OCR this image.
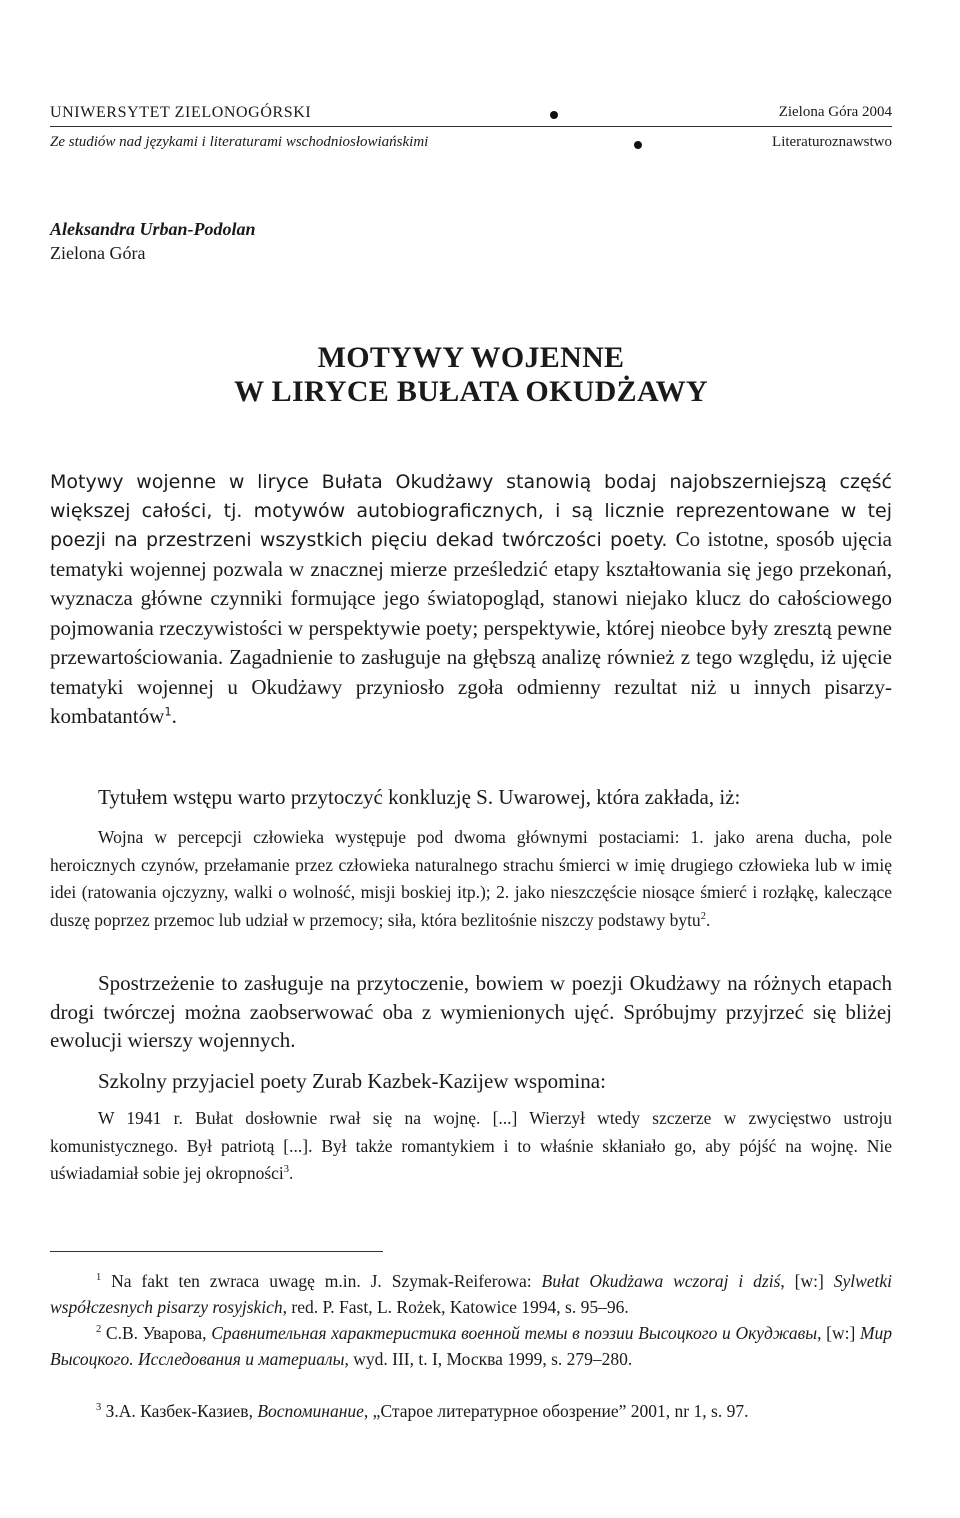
UNIWERSYTET ZIELONOGÓRSKI	Zielona Góra 2004
Ze studiów nad językami i literaturami wschodniosłowiańskimi	Literaturoznawstwo
Aleksandra Urban-Podolan
Zielona Góra
MOTYWY WOJENNE
W LIRYCE BUŁATA OKUDŻAWY

Motywy wojenne w liryce Bułata Okudżawy stanowią bodaj najobszerniejszą część większej całości, tj. motywów autobiograficznych, i są licznie reprezentowane w tej poezji na przestrzeni wszystkich pięciu dekad twórczości poety. Co istotne, sposób ujęcia tematyki wojennej pozwala w znacznej mierze prześledzić etapy kształtowania się jego przekonań, wyznacza główne czynniki formujące jego światopogląd, stanowi niejako klucz do całościowego pojmowania rzeczywistości w perspektywie poety; perspektywie, której nieobce były zresztą pewne przewartościowania. Zagadnienie to zasługuje na głębszą analizę również z tego względu, iż ujęcie tematyki wojennej u Okudżawy przyniosło zgoła odmienny rezultat niż u innych pisarzy-kombatantów$^1$.

Tytułem wstępu warto przytoczyć konkluzję S. Uwarowej, która zakłada, iż:

Wojna w percepcji człowieka występuje pod dwoma głównymi postaciami: 1. jako arena ducha, pole heroicznych czynów, przełamanie przez człowieka naturalnego strachu śmierci w imię drugiego człowieka lub w imię idei (ratowania ojczyzny, walki o wolność, misji boskiej itp.); 2. jako nieszczęście niosące śmierć i rozłąkę, kaleczące duszę poprzez przemoc lub udział w przemocy; siła, która bezlitośnie niszczy podstawy bytu$^2$.

Spostrzeżenie to zasługuje na przytoczenie, bowiem w poezji Okudżawy na różnych etapach drogi twórczej można zaobserwować oba z wymienionych ujęć. Spróbujmy przyjrzeć się bliżej ewolucji wierszy wojennych.

Szkolny przyjaciel poety Zurab Kazbek-Kazijew wspomina:

W 1941 r. Bułat dosłownie rwał się na wojnę. [...] Wierzył wtedy szczerze w zwycięstwo ustroju komunistycznego. Był patriotą [...]. Był także romantykiem i to właśnie skłaniało go, aby pójść na wojnę. Nie uświadamiał sobie jej okropności$^3$.

$^1$ Na fakt ten zwraca uwagę m.in. J. Szymak-Reiferowa: Bułat Okudżawa wczoraj i dziś, [w:] Sylwetki współczesnych pisarzy rosyjskich, red. P. Fast, L. Rożek, Katowice 1994, s. 95–96.

$^2$ С.В. Уварова, Сравнительная характеристика военной темы в поэзии Высоцкого и Окуджавы, [w:] Мир Высоцкого. Исследования и материалы, wyd. III, t. I, Москва 1999, s. 279–280.

$^3$ З.А. Казбек-Казиев, Воспоминание, „Старое литературное обозрение” 2001, nr 1, s. 97.
